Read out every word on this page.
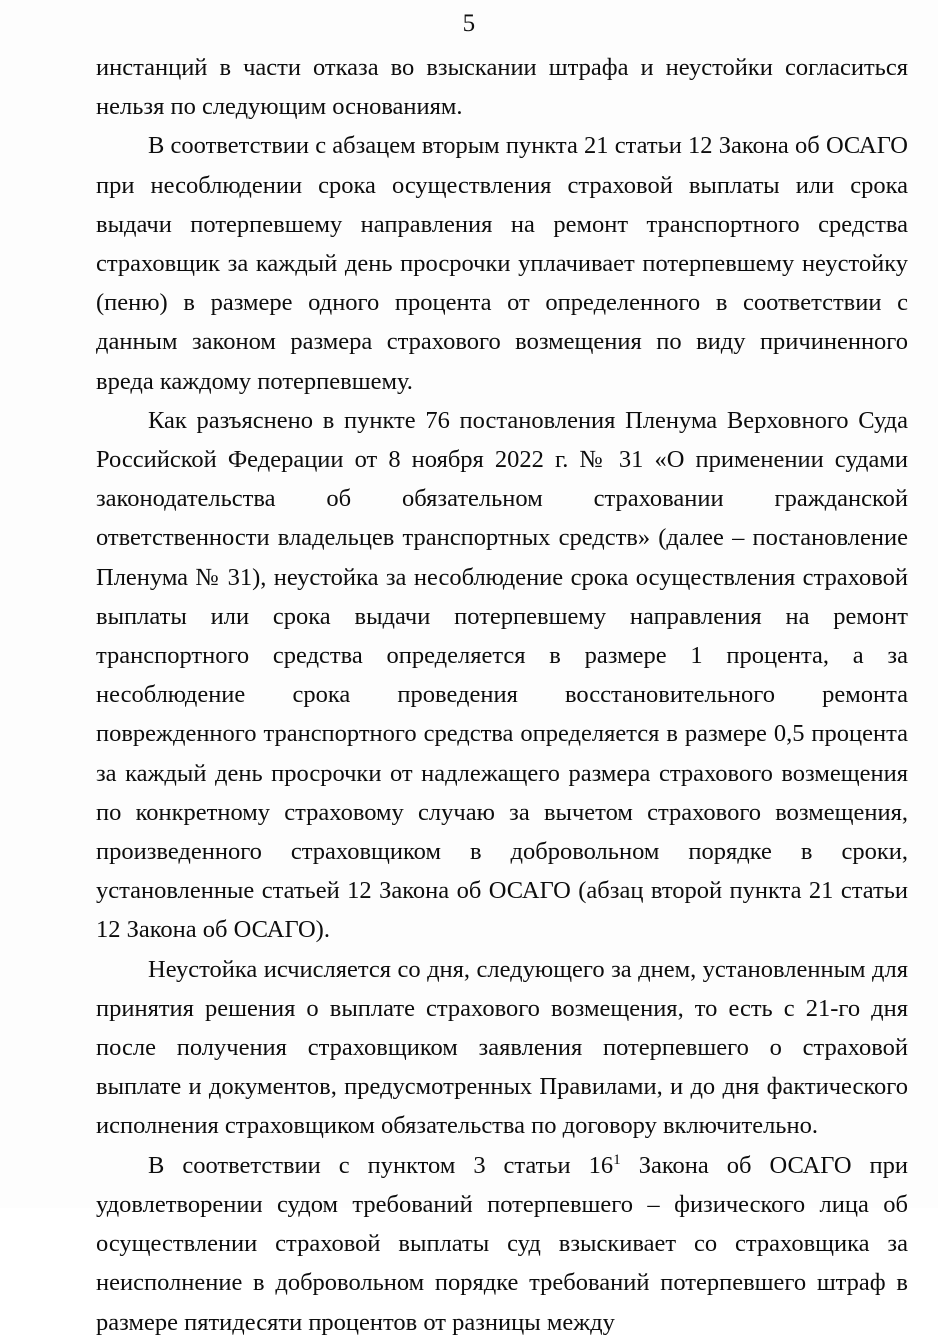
5

инстанций в части отказа во взыскании штрафа и неустойки согласиться нельзя по следующим основаниям.

В соответствии с абзацем вторым пункта 21 статьи 12 Закона об ОСАГО при несоблюдении срока осуществления страховой выплаты или срока выдачи потерпевшему направления на ремонт транспортного средства страховщик за каждый день просрочки уплачивает потерпевшему неустойку (пеню) в размере одного процента от определенного в соответствии с данным законом размера страхового возмещения по виду причиненного вреда каждому потерпевшему.

Как разъяснено в пункте 76 постановления Пленума Верховного Суда Российской Федерации от 8 ноября 2022 г. № 31 «О применении судами законодательства об обязательном страховании гражданской ответственности владельцев транспортных средств» (далее – постановление Пленума № 31), неустойка за несоблюдение срока осуществления страховой выплаты или срока выдачи потерпевшему направления на ремонт транспортного средства определяется в размере 1 процента, а за несоблюдение срока проведения восстановительного ремонта поврежденного транспортного средства определяется в размере 0,5 процента за каждый день просрочки от надлежащего размера страхового возмещения по конкретному страховому случаю за вычетом страхового возмещения, произведенного страховщиком в добровольном порядке в сроки, установленные статьей 12 Закона об ОСАГО (абзац второй пункта 21 статьи 12 Закона об ОСАГО).

Неустойка исчисляется со дня, следующего за днем, установленным для принятия решения о выплате страхового возмещения, то есть с 21-го дня после получения страховщиком заявления потерпевшего о страховой выплате и документов, предусмотренных Правилами, и до дня фактического исполнения страховщиком обязательства по договору включительно.

В соответствии с пунктом 3 статьи $16^1$ Закона об ОСАГО при удовлетворении судом требований потерпевшего – физического лица об осуществлении страховой выплаты суд взыскивает со страховщика за неисполнение в добровольном порядке требований потерпевшего штраф в размере пятидесяти процентов от разницы между
